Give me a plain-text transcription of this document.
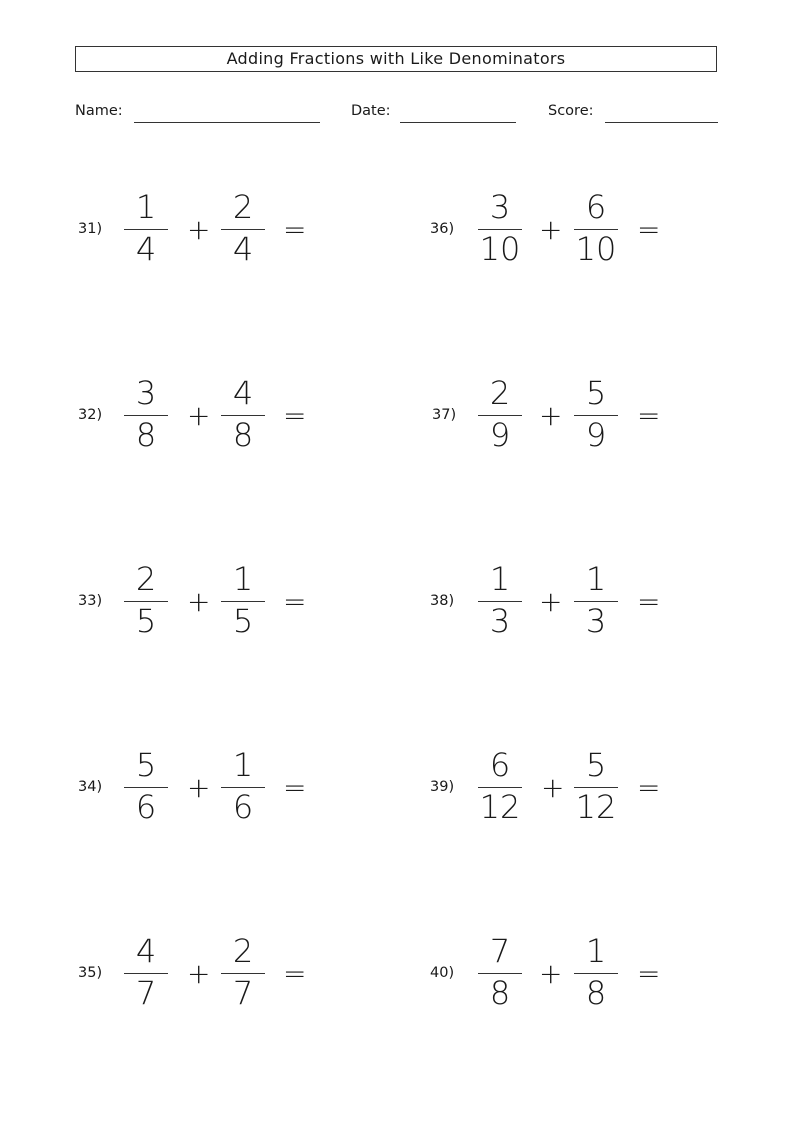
Adding Fractions with Like Denominators
Name:	Date:	Score:
31)
1
4
+
2
4
=
32)
3
8
+
4
8
=
33)
2
5
+
1
5
=
34)
5
6
+
1
6
=
35)
4
7
+
2
7
=
36)
3
10
+
6
10
=
37)
2
9
+
5
9
=
38)
1
3
+
1
3
=
39)
6
12
+
5
12
=
40)
7
8
+
1
8
=
